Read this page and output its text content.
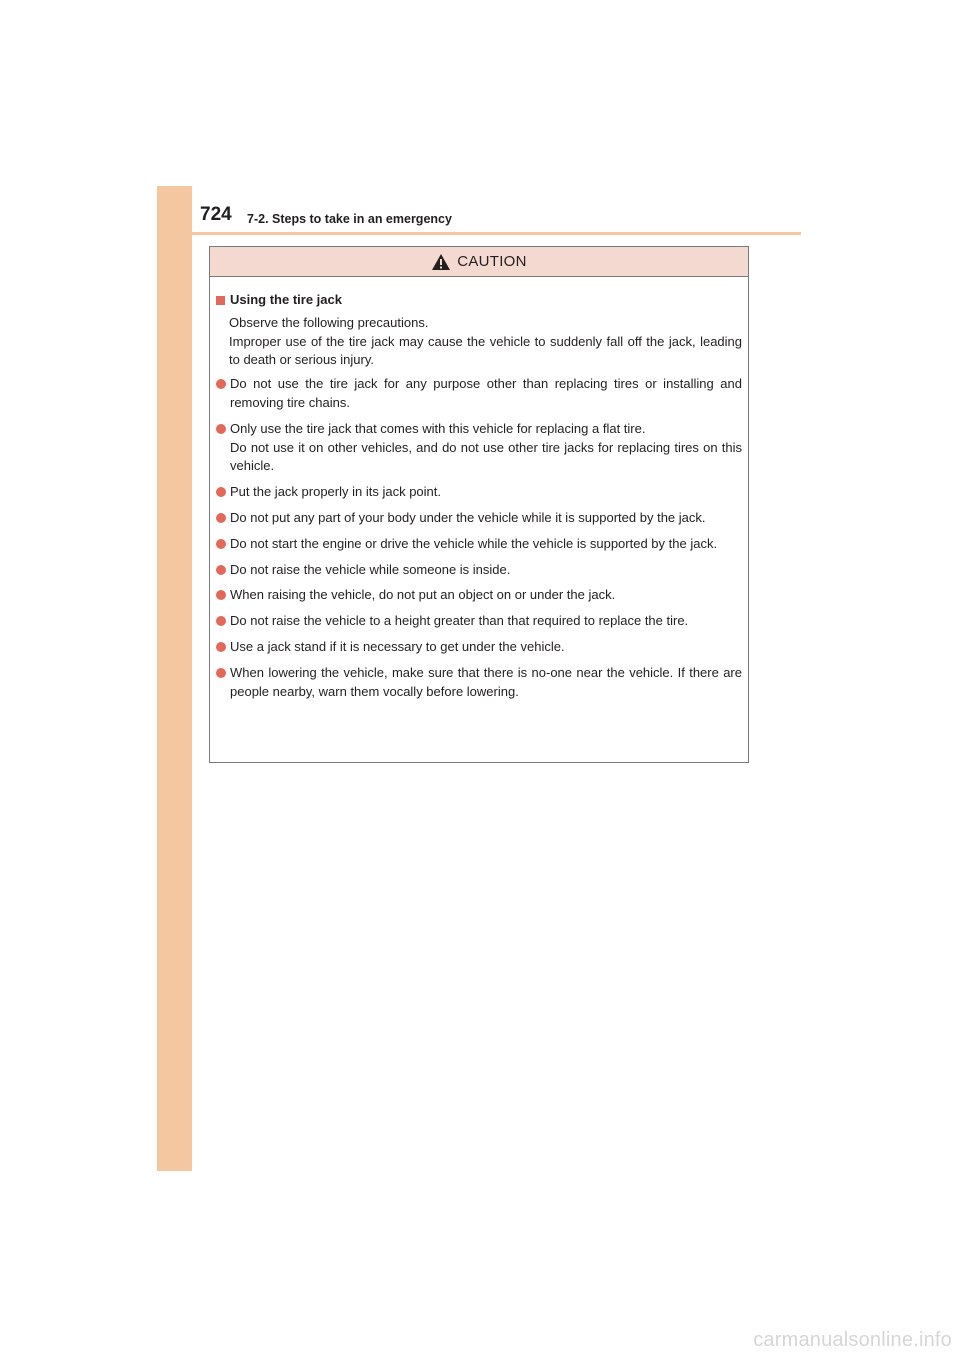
724 7-2. Steps to take in an emergency
CAUTION
Using the tire jack

Observe the following precautions.

Improper use of the tire jack may cause the vehicle to suddenly fall off the jack, leading to death or serious injury.

Do not use the tire jack for any purpose other than replacing tires or installing and removing tire chains.
Only use the tire jack that comes with this vehicle for replacing a flat tire.
Do not use it on other vehicles, and do not use other tire jacks for replacing tires on this vehicle.
Put the jack properly in its jack point.
Do not put any part of your body under the vehicle while it is supported by the jack.
Do not start the engine or drive the vehicle while the vehicle is supported by the jack.
Do not raise the vehicle while someone is inside.
When raising the vehicle, do not put an object on or under the jack.
Do not raise the vehicle to a height greater than that required to replace the tire.
Use a jack stand if it is necessary to get under the vehicle.
When lowering the vehicle, make sure that there is no-one near the vehicle. If there are people nearby, warn them vocally before lowering.
carmanualsonline.info
